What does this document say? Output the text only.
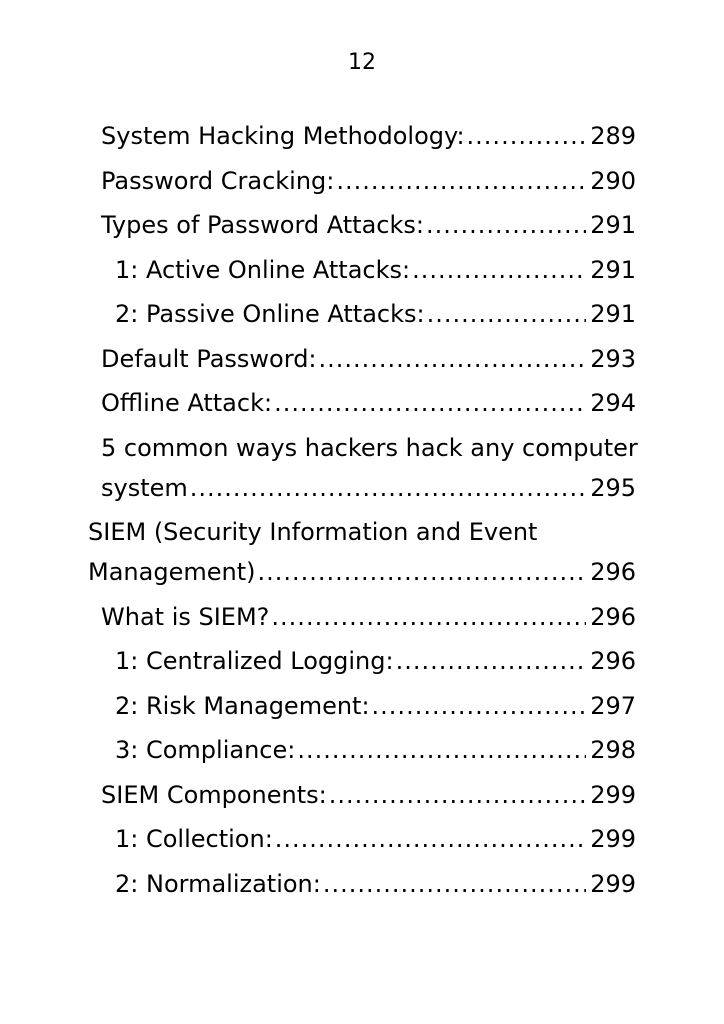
12
System Hacking Methodology: .....	289
Password Cracking: .....	290
Types of Password Attacks: .....	291
1: Active Online Attacks: .....	291
2: Passive Online Attacks: .....	291
Default Password: .....	293
Offline Attack: .....	294
5 common ways hackers hack any computer
system .....	295
SIEM (Security Information and Event
Management) .....	296
What is SIEM? .....	296
1: Centralized Logging: .....	296
2: Risk Management: .....	297
3: Compliance: .....	298
SIEM Components: .....	299
1: Collection: .....	299
2: Normalization: .....	299
